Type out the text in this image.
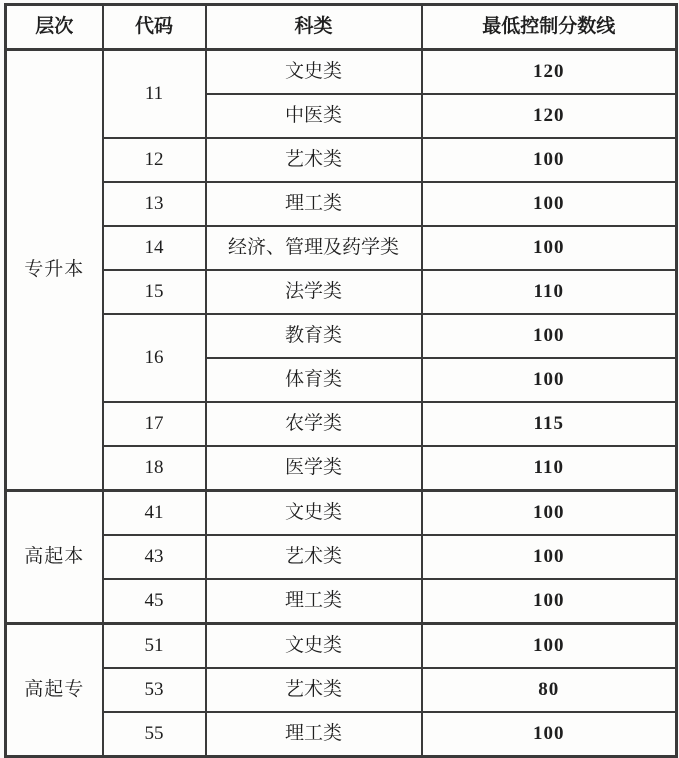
层次	代码	科类	最低控制分数线
专升本	11	文史类	120
		中医类	120
	12	艺术类	100
	13	理工类	100
	14	经济、管理及药学类	100
	15	法学类	110
	16	教育类	100
		体育类	100
	17	农学类	115
	18	医学类	110
高起本	41	文史类	100
	43	艺术类	100
	45	理工类	100
高起专	51	文史类	100
	53	艺术类	80
	55	理工类	100
